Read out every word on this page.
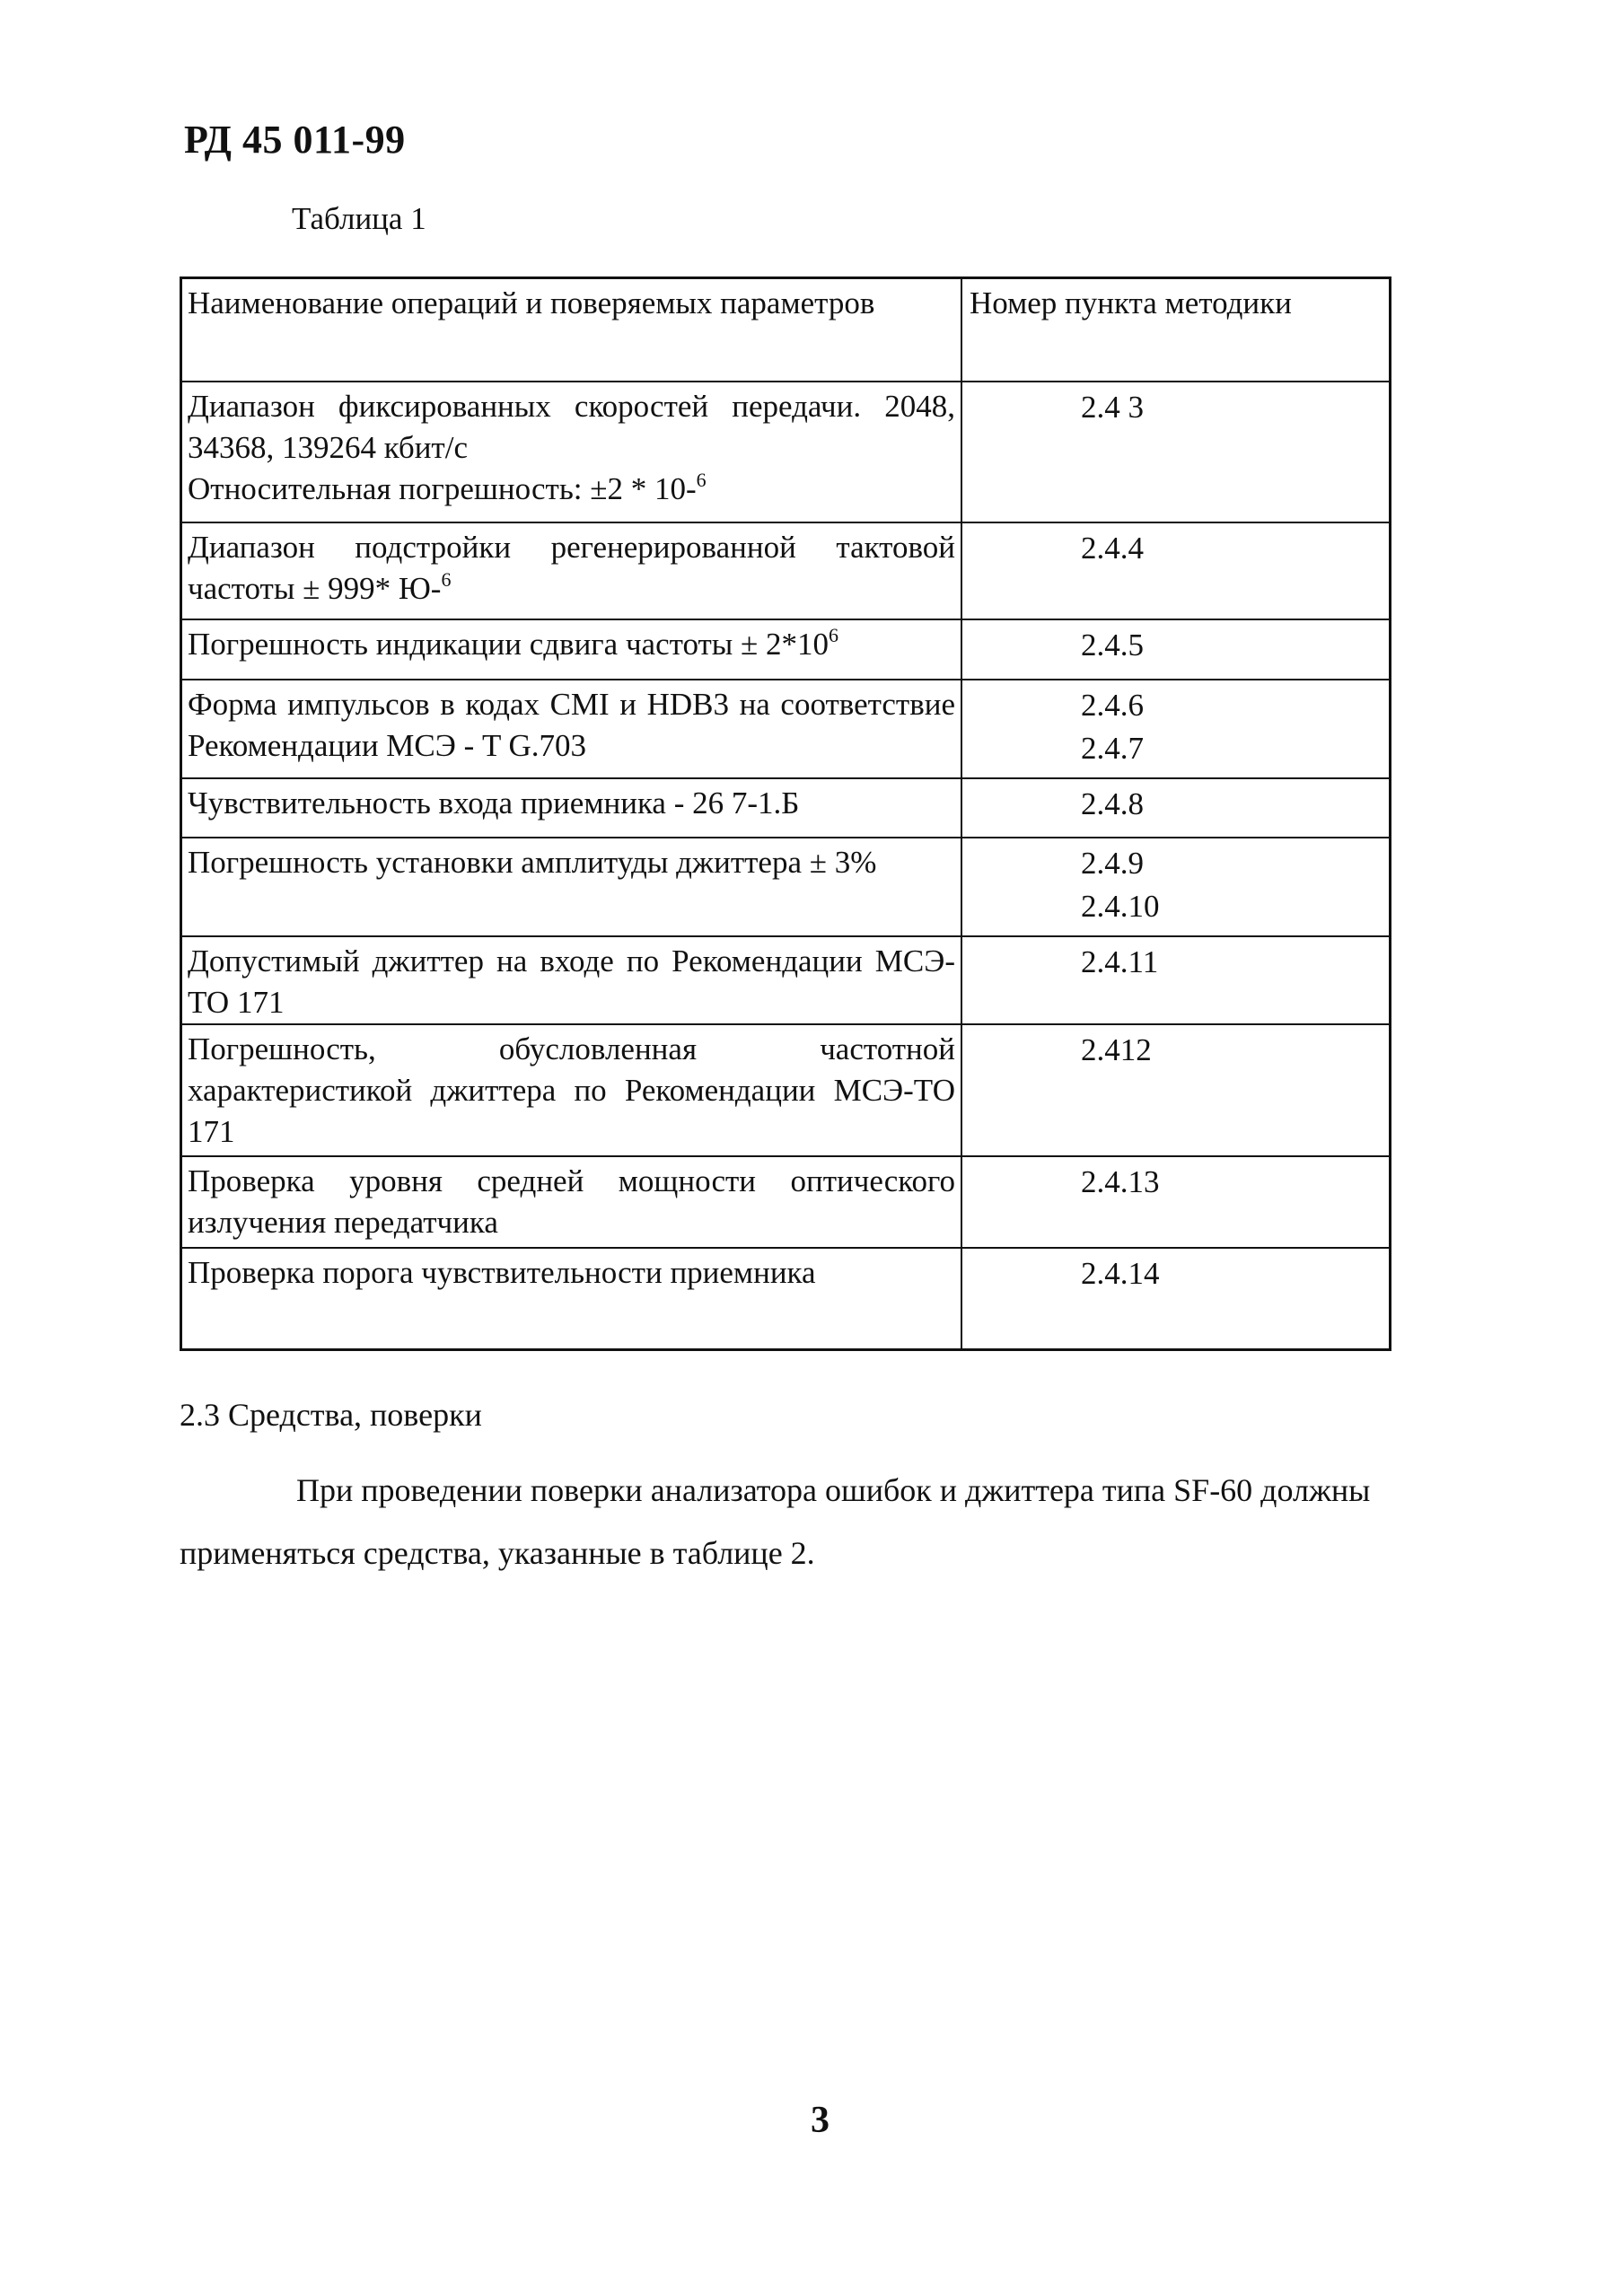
РД 45 011-99
Таблица 1
Наименование операций и поверяемых параметров	Номер пункта методики

Диапазон фиксированных скоростей передачи. 2048, 34368, 139264 кбит/с
Относительная погрешность: ±2 * 10-$^6$	2.4 3

Диапазон подстройки регенерированной тактовой частоты ± 999* Ю-$^6$	2.4.4

Погрешность индикации сдвига частоты ± $2*10^6$	2.4.5

Форма импульсов в кодах CMI и HDB3 на соответствие Рекомендации МСЭ - T G.703	2.4.6
2.4.7

Чувствительность входа приемника - 26 7-1.Б	2.4.8

Погрешность установки амплитуды джиттера ± 3%	2.4.9
2.4.10

Допустимый джиттер на входе по Рекомендации МСЭ-ТО 171	2.4.11

Погрешность, обусловленная частотной характеристикой джиттера по Рекомендации МСЭ-ТО 171	2.412

Проверка уровня средней мощности оптического излучения передатчика	2.4.13

Проверка порога чувствительности приемника	2.4.14
2.3 Средства, поверки
При проведении поверки анализатора ошибок и джиттера типа SF-60 должны применяться средства, указанные в таблице 2.
3
